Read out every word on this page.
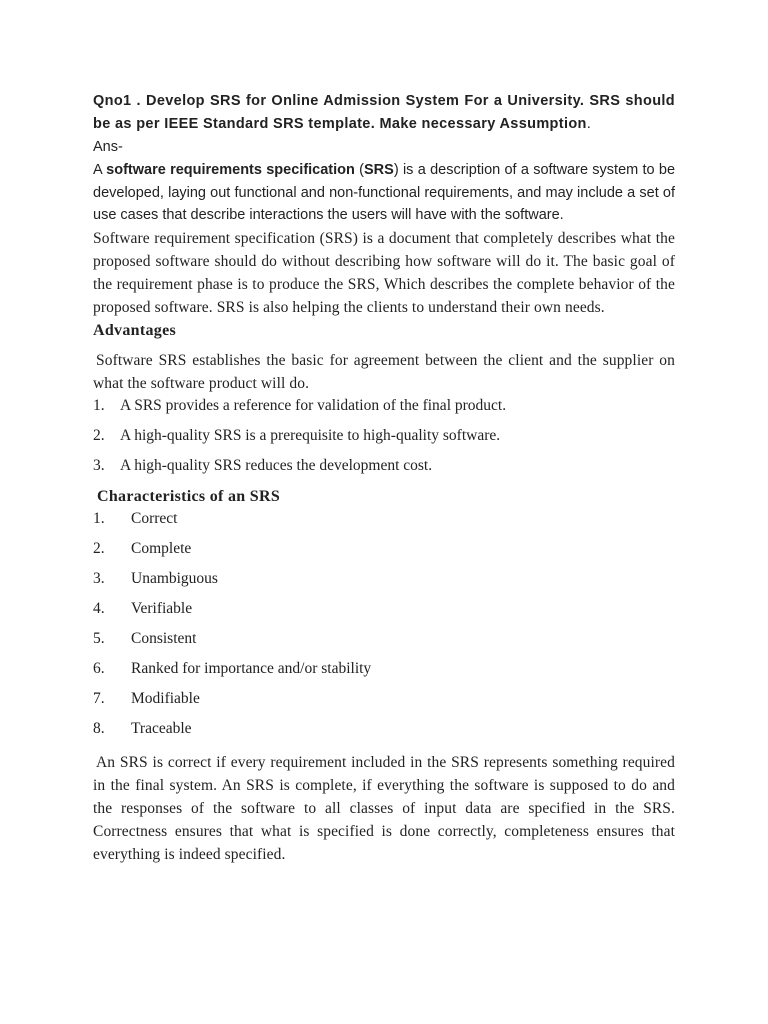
Qno1 . Develop SRS for Online Admission System For a University. SRS should be as per IEEE Standard SRS template. Make necessary Assumption.

Ans-

A software requirements specification (SRS) is a description of a software system to be developed, laying out functional and non-functional requirements, and may include a set of use cases that describe interactions the users will have with the software.

Software requirement specification (SRS) is a document that completely describes what the proposed software should do without describing how software will do it. The basic goal of the requirement phase is to produce the SRS, Which describes the complete behavior of the proposed software. SRS is also helping the clients to understand their own needs.

Advantages

Software SRS establishes the basic for agreement between the client and the supplier on what the software product will do.

1. A SRS provides a reference for validation of the final product.
2. A high-quality SRS is a prerequisite to high-quality software.
3. A high-quality SRS reduces the development cost.

Characteristics of an SRS

1. Correct
2. Complete
3. Unambiguous
4. Verifiable
5. Consistent
6. Ranked for importance and/or stability
7. Modifiable
8. Traceable

An SRS is correct if every requirement included in the SRS represents something required in the final system. An SRS is complete, if everything the software is supposed to do and the responses of the software to all classes of input data are specified in the SRS. Correctness ensures that what is specified is done correctly, completeness ensures that everything is indeed specified.
